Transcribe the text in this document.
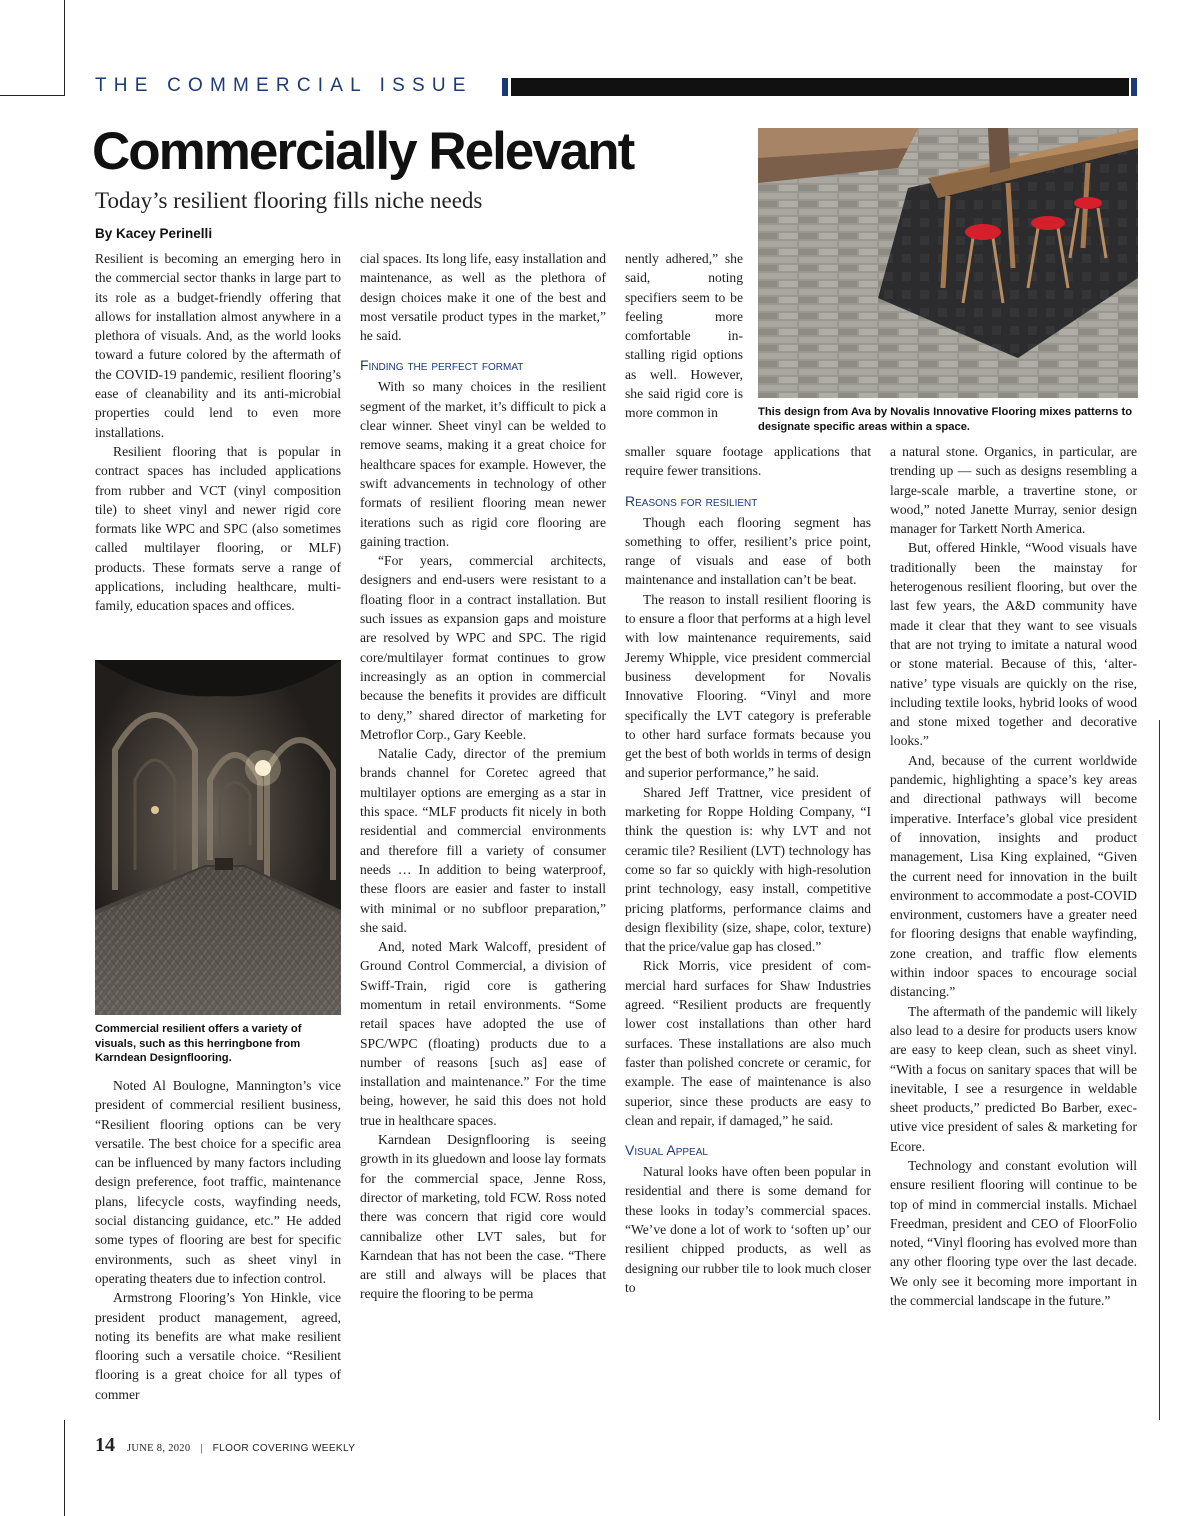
THE COMMERCIAL ISSUE
Commercially Relevant
Today’s resilient flooring fills niche needs
By Kacey Perinelli

Resilient is becoming an emerging hero in the commercial sector thanks in large part to its role as a budget-friendly offering that allows for installation almost anywhere in a plethora of visuals. And, as the world looks toward a future colored by the aftermath of the COVID-19 pandemic, resilient flooring’s ease of cleanability and its anti-microbial properties could lend to even more installations.

Resilient flooring that is popular in contract spaces has included applications from rubber and VCT (vinyl composition tile) to sheet vinyl and newer rigid core formats like WPC and SPC (also sometimes called multilayer flooring, or MLF) products. These formats serve a range of applications, including healthcare, multifamily, education spaces and offices.

Commercial resilient offers a variety of visuals, such as this herringbone from Karndean Designflooring.

Noted Al Boulogne, Mannington’s vice president of commercial resilient business, “Resilient flooring options can be very versatile. The best choice for a specific area can be influenced by many factors including design preference, foot traffic, maintenance plans, lifecycle costs, wayfinding needs, social distancing guidance, etc.” He added some types of flooring are best for specific environments, such as sheet vinyl in operating theaters due to infection control.

Armstrong Flooring’s Yon Hinkle, vice president product management, agreed, noting its benefits are what make resilient flooring such a versatile choice. “Resilient flooring is a great choice for all types of commer

cial spaces. Its long life, easy installation and maintenance, as well as the plethora of design choices make it one of the best and most versatile product types in the market,” he said.

Finding the perfect format

With so many choices in the resilient segment of the market, it’s difficult to pick a clear winner. Sheet vinyl can be welded to remove seams, making it a great choice for healthcare spaces for example. However, the swift advancements in technology of other formats of resilient flooring mean newer iterations such as rigid core flooring are gaining traction.

“For years, commercial architects, designers and end-users were resistant to a floating floor in a contract installation. But such issues as expansion gaps and moisture are resolved by WPC and SPC. The rigid core/multilayer format continues to grow increasingly as an option in commercial because the benefits it provides are difficult to deny,” shared director of marketing for Metroflor Corp., Gary Keeble.

Natalie Cady, director of the premium brands channel for Coretec agreed that multilayer options are emerging as a star in this space. “MLF products fit nicely in both residential and commercial environments and therefore fill a variety of consumer needs … In addition to being waterproof, these floors are easier and faster to install with minimal or no subfloor preparation,” she said.

And, noted Mark Walcoff, president of Ground Control Commercial, a division of Swiff-Train, rigid core is gathering momentum in retail environments. “Some retail spaces have adopted the use of SPC/WPC (floating) products due to a number of reasons [such as] ease of installation and maintenance.” For the time being, however, he said this does not hold true in healthcare spaces.

Karndean Designflooring is seeing growth in its gluedown and loose lay formats for the commercial space, Jenne Ross, director of marketing, told FCW. Ross noted there was concern that rigid core would cannibalize other LVT sales, but for Karndean that has not been the case. “There are still and always will be places that require the flooring to be perma

nently adhered,” she said, noting specifiers seem to be feeling more comfortable installing rigid options as well. However, she said rigid core is more common in	This design from Ava by Novalis Innovative Flooring mixes patterns to designate specific areas within a space.

smaller square footage applications that require fewer transitions.

Reasons for resilient

Though each flooring segment has something to offer, resilient’s price point, range of visuals and ease of both maintenance and installation can’t be beat.

The reason to install resilient flooring is to ensure a floor that performs at a high level with low maintenance requirements, said Jeremy Whipple, vice president commercial business development for Novalis Innovative Flooring. “Vinyl and more specifically the LVT category is preferable to other hard surface formats because you get the best of both worlds in terms of design and superior performance,” he said.

Shared Jeff Trattner, vice president of marketing for Roppe Holding Company, “I think the question is: why LVT and not ceramic tile? Resilient (LVT) technology has come so far so quickly with high-resolution print technology, easy install, competitive pricing platforms, performance claims and design flexibility (size, shape, color, texture) that the price/value gap has closed.”

Rick Morris, vice president of commercial hard surfaces for Shaw Industries agreed. “Resilient products are frequently lower cost installations than other hard surfaces. These installations are also much faster than polished concrete or ceramic, for example. The ease of maintenance is also superior, since these products are easy to clean and repair, if damaged,” he said.

Visual Appeal

Natural looks have often been popular in residential and there is some demand for these looks in today’s commercial spaces. “We’ve done a lot of work to ‘soften up’ our resilient chipped products, as well as designing our rubber tile to look much closer to

a natural stone. Organics, in particular, are trending up — such as designs resembling a large-scale marble, a travertine stone, or wood,” noted Janette Murray, senior design manager for Tarkett North America.

But, offered Hinkle, “Wood visuals have traditionally been the mainstay for heterogenous resilient flooring, but over the last few years, the A&D community have made it clear that they want to see visuals that are not trying to imitate a natural wood or stone material. Because of this, ‘alternative’ type visuals are quickly on the rise, including textile looks, hybrid looks of wood and stone mixed together and decorative looks.”

And, because of the current worldwide pandemic, highlighting a space’s key areas and directional pathways will become imperative. Interface’s global vice president of innovation, insights and product management, Lisa King explained, “Given the current need for innovation in the built environment to accommodate a post-COVID environment, customers have a greater need for flooring designs that enable wayfinding, zone creation, and traffic flow elements within indoor spaces to encourage social distancing.”

The aftermath of the pandemic will likely also lead to a desire for products users know are easy to keep clean, such as sheet vinyl. “With a focus on sanitary spaces that will be inevitable, I see a resurgence in weldable sheet products,” predicted Bo Barber, executive vice president of sales & marketing for Ecore.

Technology and constant evolution will ensure resilient flooring will continue to be top of mind in commercial installs. Michael Freedman, president and CEO of FloorFolio noted, “Vinyl flooring has evolved more than any other flooring type over the last decade. We only see it becoming more important in the commercial landscape in the future.”

14 JUNE 8, 2020 | FLOOR COVERING WEEKLY
